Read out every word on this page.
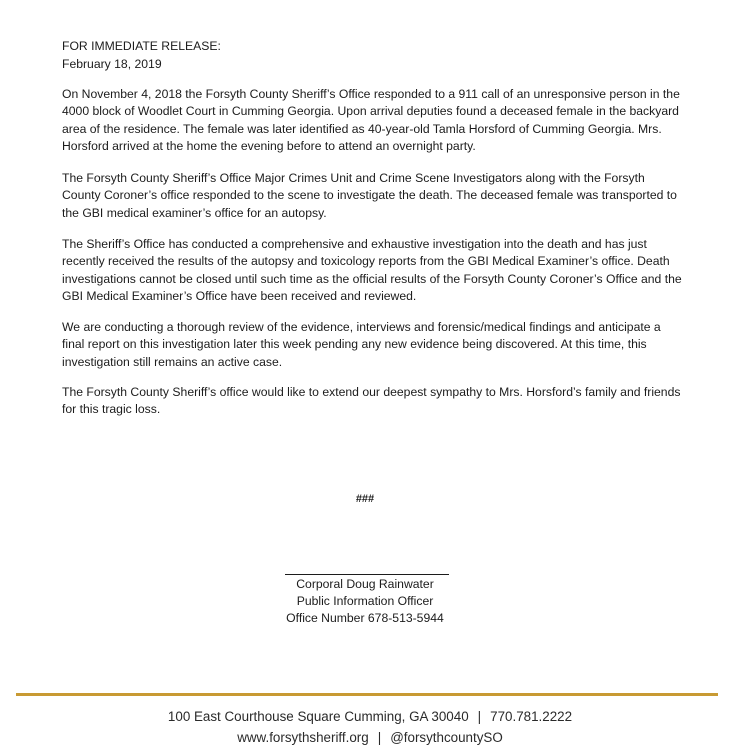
FOR IMMEDIATE RELEASE:
February 18, 2019

On November 4, 2018 the Forsyth County Sheriff’s Office responded to a 911 call of an unresponsive person in the 4000 block of Woodlet Court in Cumming Georgia. Upon arrival deputies found a deceased female in the backyard area of the residence. The female was later identified as 40-year-old Tamla Horsford of Cumming Georgia. Mrs. Horsford arrived at the home the evening before to attend an overnight party.

The Forsyth County Sheriff’s Office Major Crimes Unit and Crime Scene Investigators along with the Forsyth County Coroner’s office responded to the scene to investigate the death. The deceased female was transported to the GBI medical examiner’s office for an autopsy.

The Sheriff’s Office has conducted a comprehensive and exhaustive investigation into the death and has just recently received the results of the autopsy and toxicology reports from the GBI Medical Examiner’s office. Death investigations cannot be closed until such time as the official results of the Forsyth County Coroner’s Office and the GBI Medical Examiner’s Office have been received and reviewed.

We are conducting a thorough review of the evidence, interviews and forensic/medical findings and anticipate a final report on this investigation later this week pending any new evidence being discovered. At this time, this investigation still remains an active case.

The Forsyth County Sheriff’s office would like to extend our deepest sympathy to Mrs. Horsford’s family and friends for this tragic loss.

###
Corporal Doug Rainwater
Public Information Officer
Office Number 678-513-5944
100 East Courthouse Square Cumming, GA 30040 | 770.781.2222
www.forsythsheriff.org | @forsythcountySO
